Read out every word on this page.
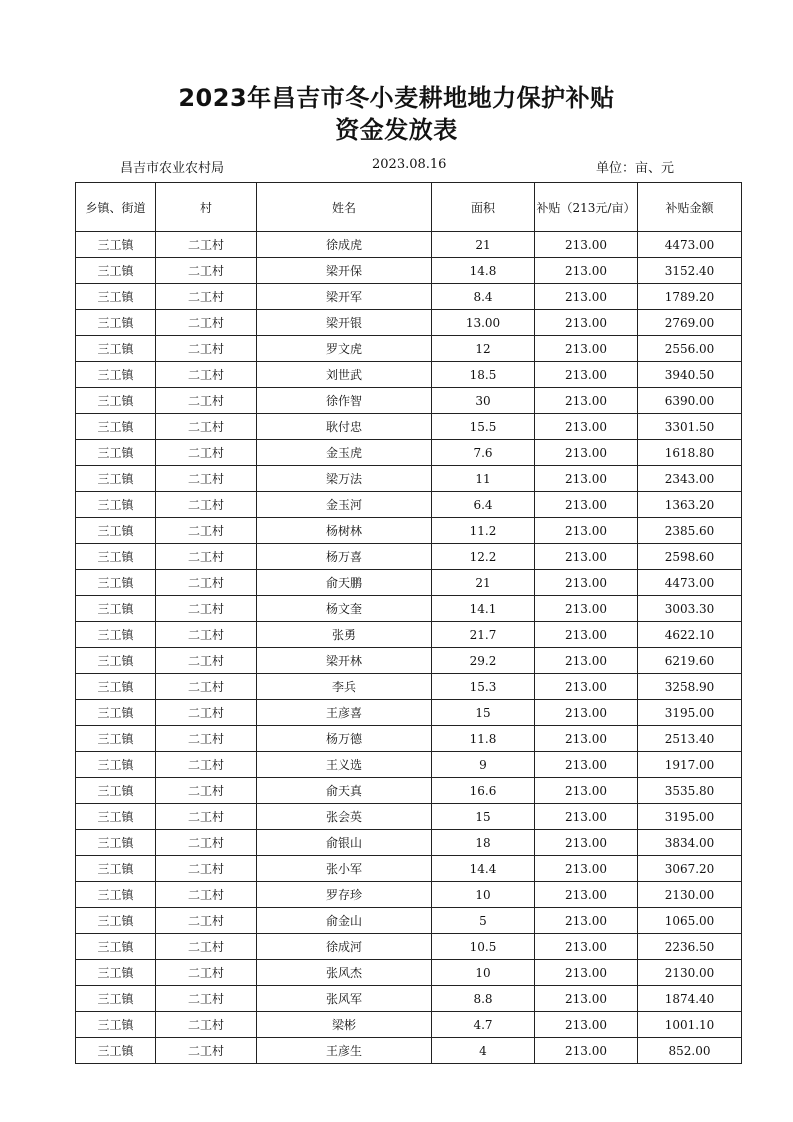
2023年昌吉市冬小麦耕地地力保护补贴
资金发放表
昌吉市农业农村局	2023.08.16	单位：亩、元
乡镇、街道	村	姓名	面积	补贴（213元/亩）	补贴金额
三工镇	二工村	徐成虎	21	213.00	4473.00
三工镇	二工村	梁开保	14.8	213.00	3152.40
三工镇	二工村	梁开军	8.4	213.00	1789.20
三工镇	二工村	梁开银	13.00	213.00	2769.00
三工镇	二工村	罗文虎	12	213.00	2556.00
三工镇	二工村	刘世武	18.5	213.00	3940.50
三工镇	二工村	徐作智	30	213.00	6390.00
三工镇	二工村	耿付忠	15.5	213.00	3301.50
三工镇	二工村	金玉虎	7.6	213.00	1618.80
三工镇	二工村	梁万法	11	213.00	2343.00
三工镇	二工村	金玉河	6.4	213.00	1363.20
三工镇	二工村	杨树林	11.2	213.00	2385.60
三工镇	二工村	杨万喜	12.2	213.00	2598.60
三工镇	二工村	俞天鹏	21	213.00	4473.00
三工镇	二工村	杨文奎	14.1	213.00	3003.30
三工镇	二工村	张勇	21.7	213.00	4622.10
三工镇	二工村	梁开林	29.2	213.00	6219.60
三工镇	二工村	李兵	15.3	213.00	3258.90
三工镇	二工村	王彦喜	15	213.00	3195.00
三工镇	二工村	杨万德	11.8	213.00	2513.40
三工镇	二工村	王义选	9	213.00	1917.00
三工镇	二工村	俞天真	16.6	213.00	3535.80
三工镇	二工村	张会英	15	213.00	3195.00
三工镇	二工村	俞银山	18	213.00	3834.00
三工镇	二工村	张小军	14.4	213.00	3067.20
三工镇	二工村	罗存珍	10	213.00	2130.00
三工镇	二工村	俞金山	5	213.00	1065.00
三工镇	二工村	徐成河	10.5	213.00	2236.50
三工镇	二工村	张风杰	10	213.00	2130.00
三工镇	二工村	张风军	8.8	213.00	1874.40
三工镇	二工村	梁彬	4.7	213.00	1001.10
三工镇	二工村	王彦生	4	213.00	852.00
